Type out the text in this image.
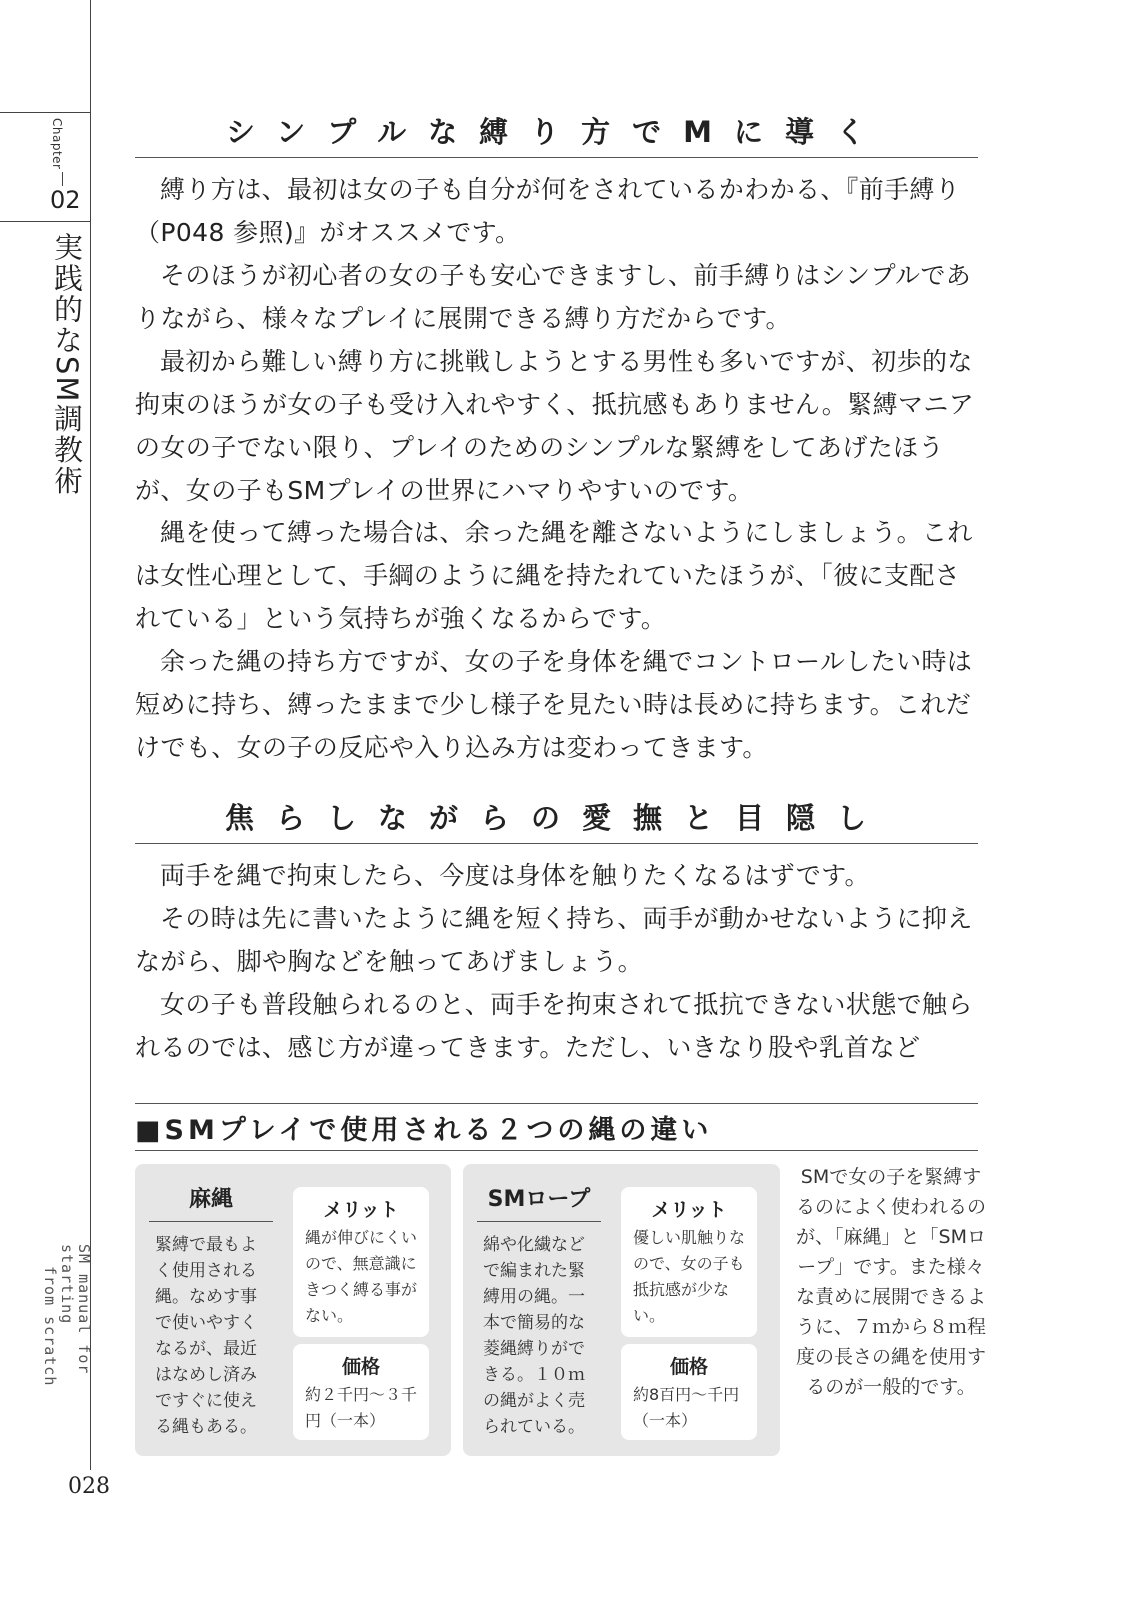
Chapter
02
実践的なSM調教術
SM manual for starting
from scratch
028
シンプルな縛り方でMに導く

縛り方は、最初は女の子も自分が何をされているかわかる、『前手縛り（P048 参照)』がオススメです。

そのほうが初心者の女の子も安心できますし、前手縛りはシンプルでありながら、様々なプレイに展開できる縛り方だからです。

最初から難しい縛り方に挑戦しようとする男性も多いですが、初歩的な拘束のほうが女の子も受け入れやすく、抵抗感もありません。緊縛マニアの女の子でない限り、プレイのためのシンプルな緊縛をしてあげたほうが、女の子もSMプレイの世界にハマりやすいのです。

縄を使って縛った場合は、余った縄を離さないようにしましょう。これは女性心理として、手綱のように縄を持たれていたほうが、「彼に支配されている」という気持ちが強くなるからです。

余った縄の持ち方ですが、女の子を身体を縄でコントロールしたい時は短めに持ち、縛ったままで少し様子を見たい時は長めに持ちます。これだけでも、女の子の反応や入り込み方は変わってきます。

焦らしながらの愛撫と目隠し

両手を縄で拘束したら、今度は身体を触りたくなるはずです。

その時は先に書いたように縄を短く持ち、両手が動かせないように抑えながら、脚や胸などを触ってあげましょう。

女の子も普段触られるのと、両手を拘束されて抵抗できない状態で触られるのでは、感じ方が違ってきます。ただし、いきなり股や乳首など

■SMプレイで使用される２つの縄の違い
麻縄

緊縛で最もよく使用される縄。なめす事で使いやすくなるが、最近はなめし済みですぐに使える縄もある。

メリット

縄が伸びにくいので、無意識にきつく縛る事がない。

価格

約２千円～３千円（一本）

SMロープ

綿や化繊などで編まれた緊縛用の縄。一本で簡易的な菱縄縛りができる。１０ｍの縄がよく売られている。

メリット

優しい肌触りなので、女の子も抵抗感が少ない。

価格

約8百円～千円（一本）

SMで女の子を緊縛するのによく使われるのが、「麻縄」と「SMロープ」です。また様々な責めに展開できるように、７ｍから８ｍ程度の長さの縄を使用するのが一般的です。
